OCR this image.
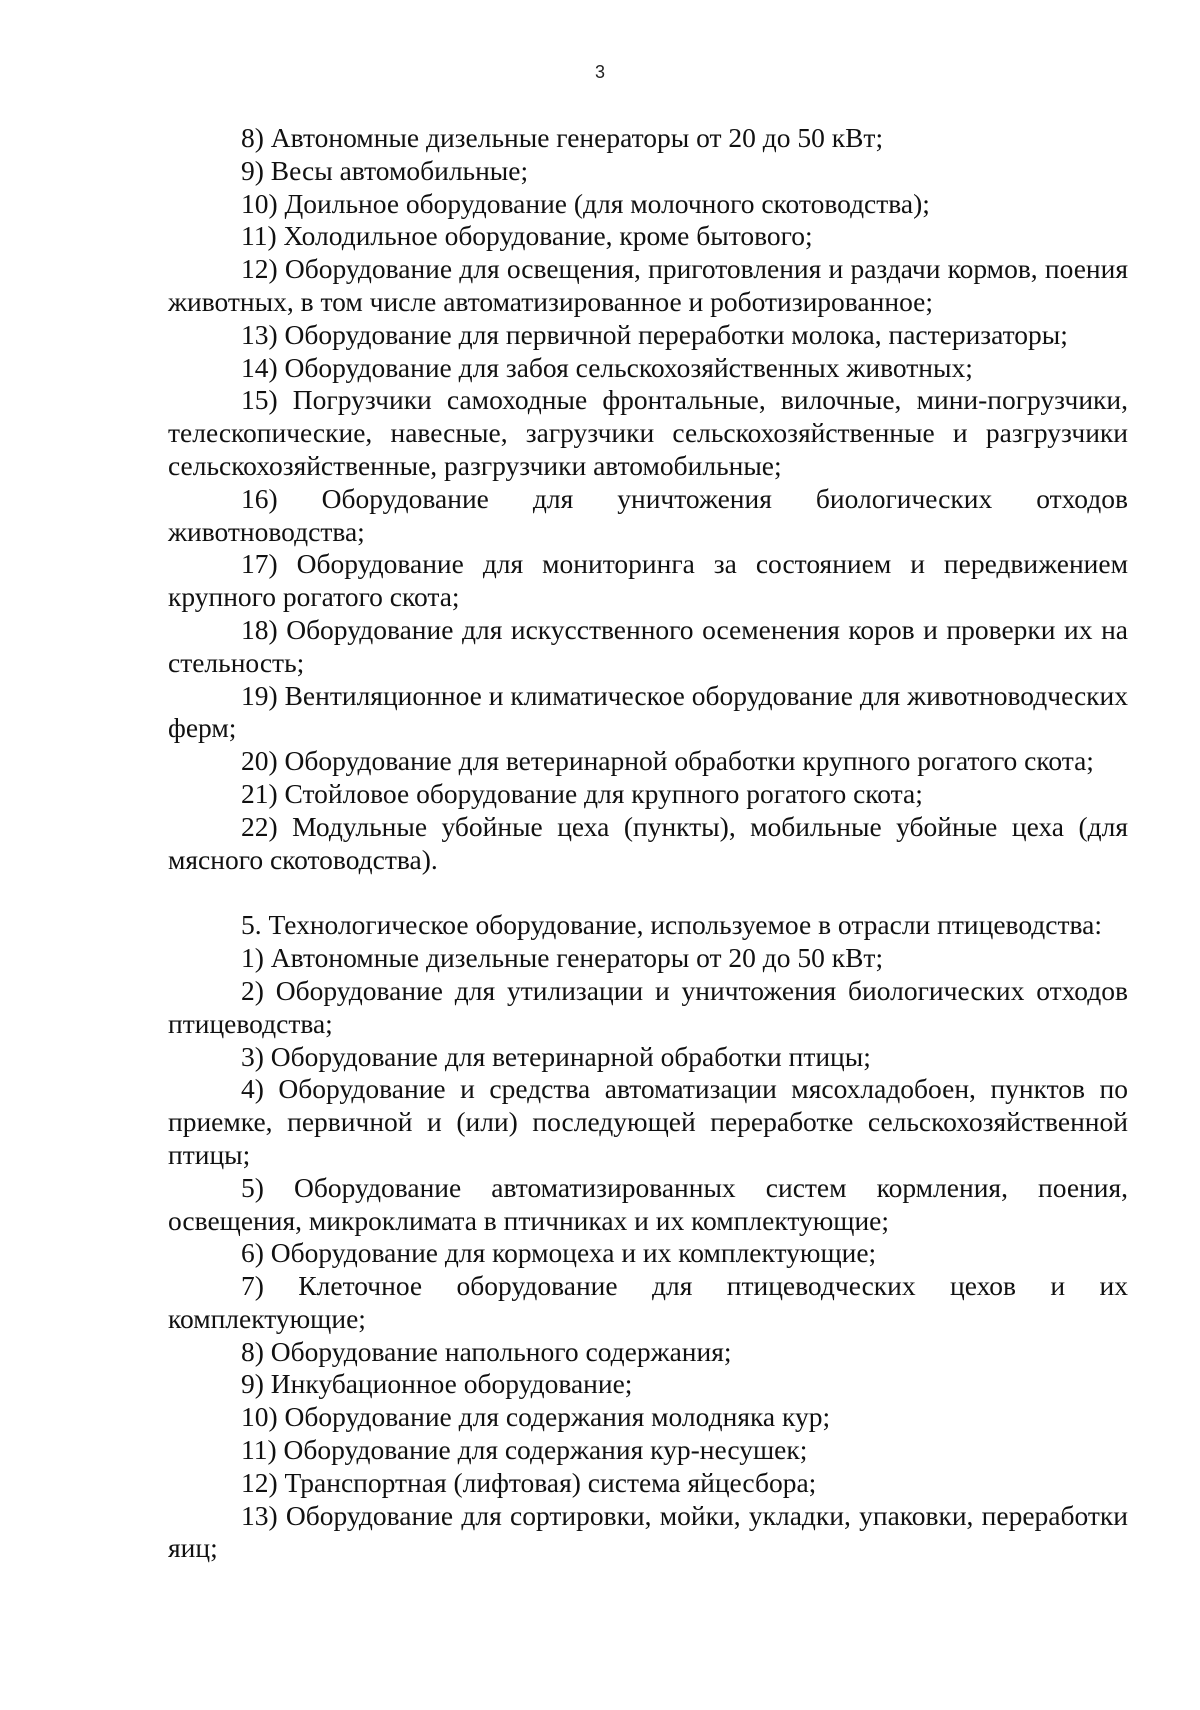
3

8) Автономные дизельные генераторы от 20 до 50 кВт;

9) Весы автомобильные;

10) Доильное оборудование (для молочного скотоводства);

11) Холодильное оборудование, кроме бытового;

12) Оборудование для освещения, приготовления и раздачи кормов, поения животных, в том числе автоматизированное и роботизированное;

13) Оборудование для первичной переработки молока, пастеризаторы;

14) Оборудование для забоя сельскохозяйственных животных;

15) Погрузчики самоходные фронтальные, вилочные, мини-погрузчики, телескопические, навесные, загрузчики сельскохозяйственные и разгрузчики сельскохозяйственные, разгрузчики автомобильные;

16) Оборудование для уничтожения биологических отходов животноводства;

17) Оборудование для мониторинга за состоянием и передвижением крупного рогатого скота;

18) Оборудование для искусственного осеменения коров и проверки их на стельность;

19) Вентиляционное и климатическое оборудование для животноводческих ферм;

20) Оборудование для ветеринарной обработки крупного рогатого скота;

21) Стойловое оборудование для крупного рогатого скота;

22) Модульные убойные цеха (пункты), мобильные убойные цеха (для мясного скотоводства).

5. Технологическое оборудование, используемое в отрасли птицеводства:

1) Автономные дизельные генераторы от 20 до 50 кВт;

2) Оборудование для утилизации и уничтожения биологических отходов птицеводства;

3) Оборудование для ветеринарной обработки птицы;

4) Оборудование и средства автоматизации мясохладобоен, пунктов по приемке, первичной и (или) последующей переработке сельскохозяйственной птицы;

5) Оборудование автоматизированных систем кормления, поения, освещения, микроклимата в птичниках и их комплектующие;

6) Оборудование для кормоцеха и их комплектующие;

7) Клеточное оборудование для птицеводческих цехов и их комплектующие;

8) Оборудование напольного содержания;

9) Инкубационное оборудование;

10) Оборудование для содержания молодняка кур;

11) Оборудование для содержания кур-несушек;

12) Транспортная (лифтовая) система яйцесбора;

13) Оборудование для сортировки, мойки, укладки, упаковки, переработки яиц;
